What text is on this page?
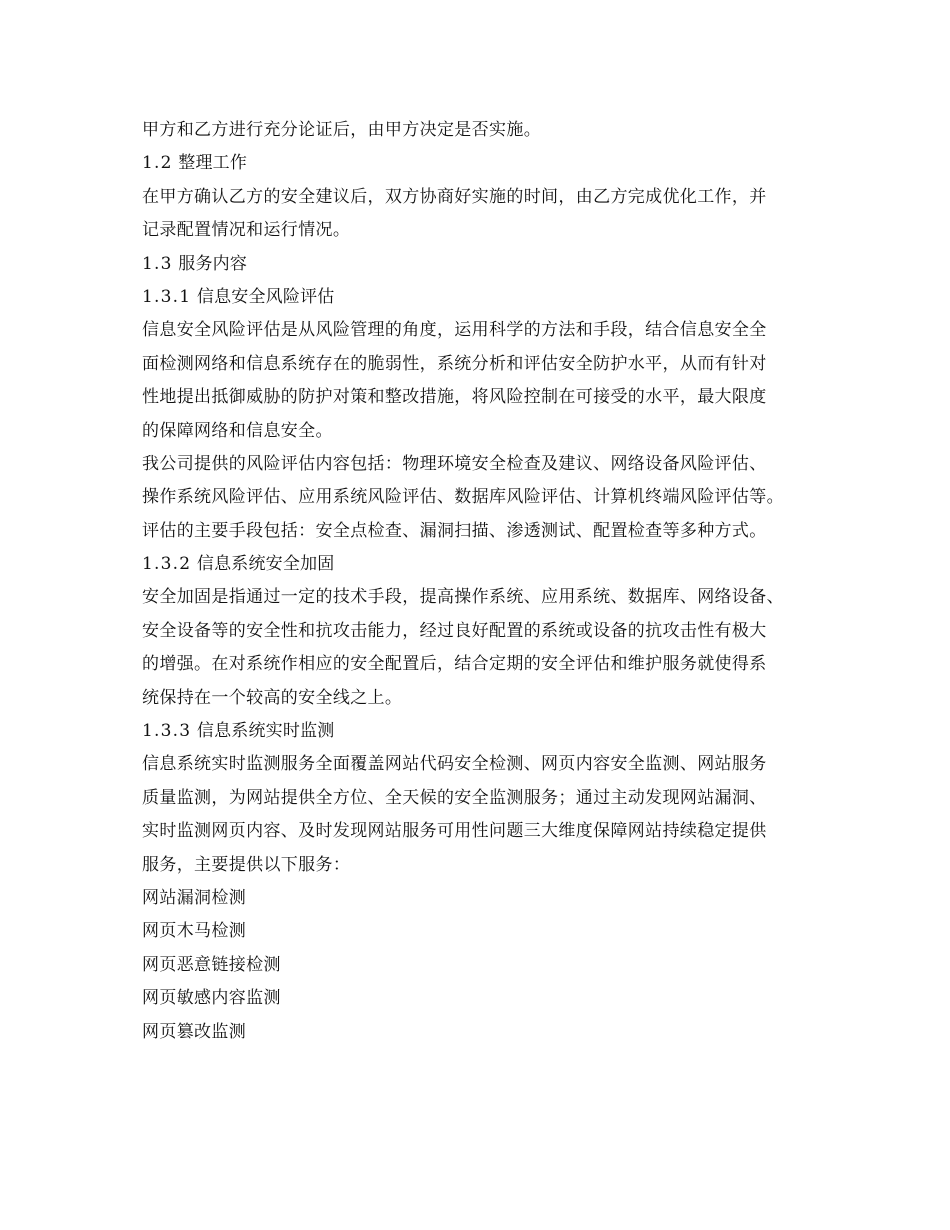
甲方和乙方进行充分论证后，由甲方决定是否实施。
1.2 整理工作
在甲方确认乙方的安全建议后，双方协商好实施的时间，由乙方完成优化工作，并
记录配置情况和运行情况。
1.3 服务内容
1.3.1 信息安全风险评估
信息安全风险评估是从风险管理的角度，运用科学的方法和手段，结合信息安全全
面检测网络和信息系统存在的脆弱性，系统分析和评估安全防护水平，从而有针对
性地提出抵御威胁的防护对策和整改措施，将风险控制在可接受的水平，最大限度
的保障网络和信息安全。
我公司提供的风险评估内容包括：物理环境安全检查及建议、网络设备风险评估、
操作系统风险评估、应用系统风险评估、数据库风险评估、计算机终端风险评估等。
评估的主要手段包括：安全点检查、漏洞扫描、渗透测试、配置检查等多种方式。
1.3.2 信息系统安全加固
安全加固是指通过一定的技术手段，提高操作系统、应用系统、数据库、网络设备、
安全设备等的安全性和抗攻击能力，经过良好配置的系统或设备的抗攻击性有极大
的增强。在对系统作相应的安全配置后，结合定期的安全评估和维护服务就使得系
统保持在一个较高的安全线之上。
1.3.3 信息系统实时监测
信息系统实时监测服务全面覆盖网站代码安全检测、网页内容安全监测、网站服务
质量监测，为网站提供全方位、全天候的安全监测服务；通过主动发现网站漏洞、
实时监测网页内容、及时发现网站服务可用性问题三大维度保障网站持续稳定提供
服务，主要提供以下服务：
网站漏洞检测
网页木马检测
网页恶意链接检测
网页敏感内容监测
网页篡改监测
